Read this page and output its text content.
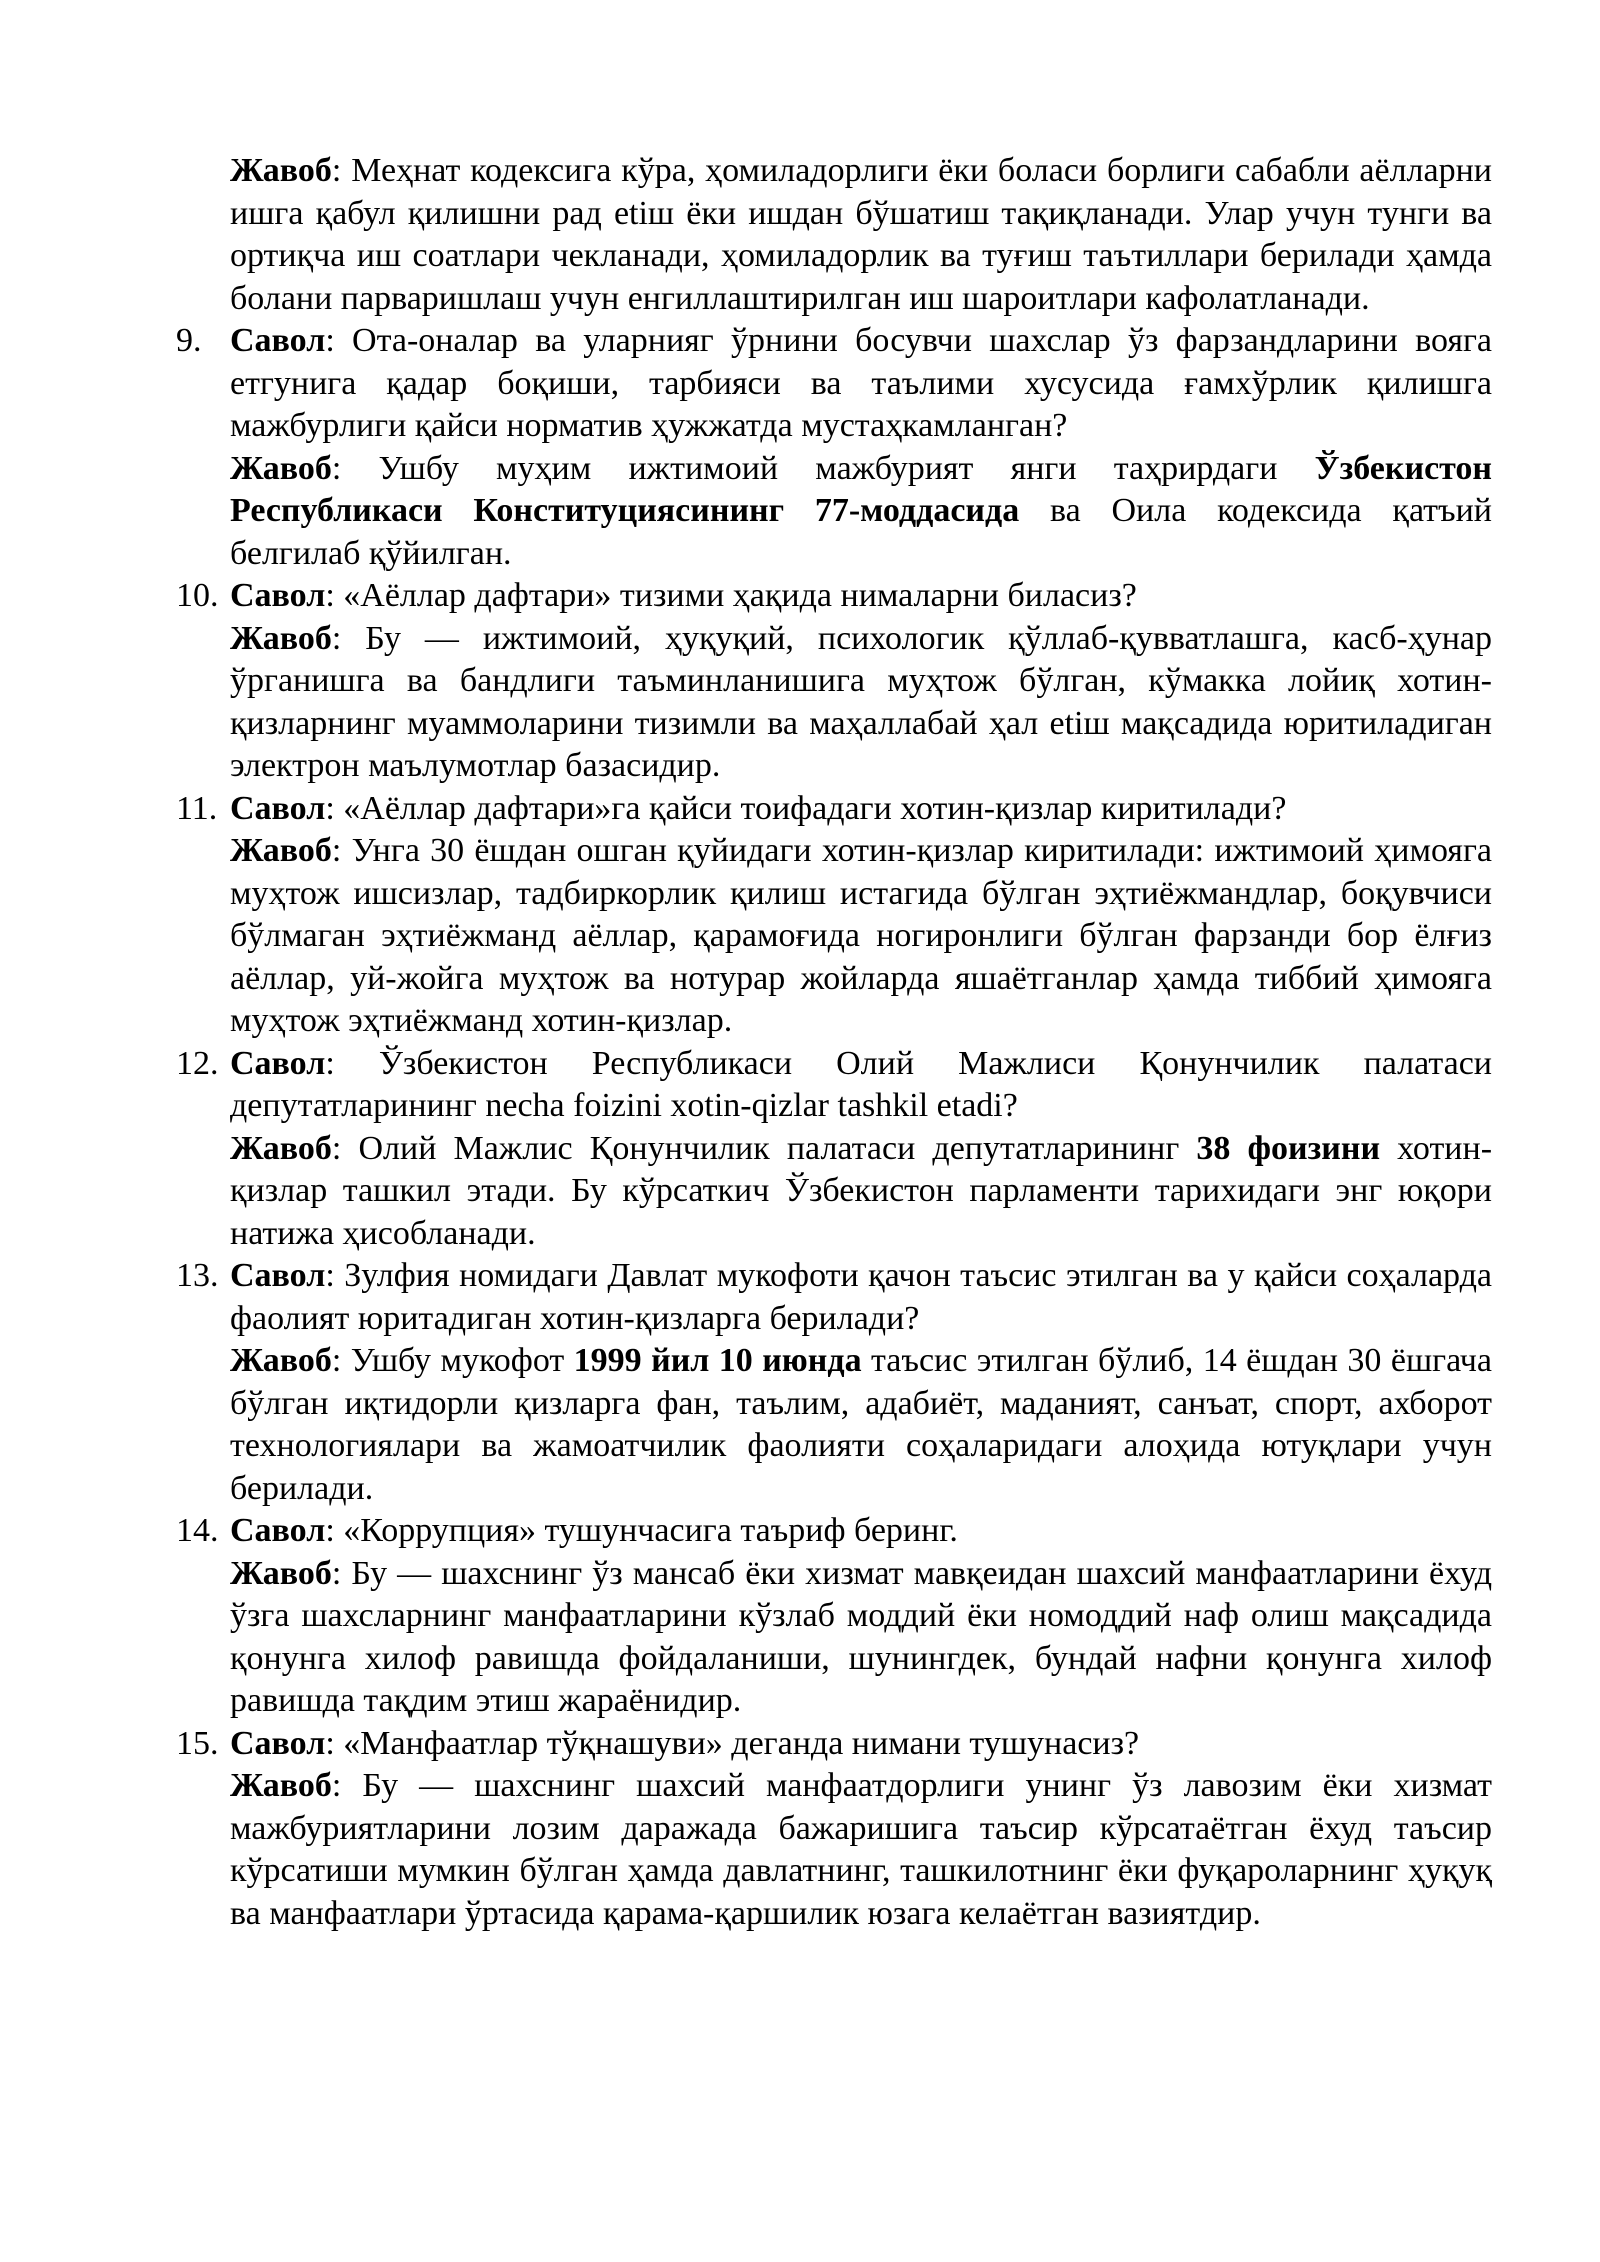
Жавоб: Меҳнат кодексига кўра, ҳомиладорлиги ёки боласи борлиги сабабли аёлларни ишга қабул қилишни рад etiш ёки ишдан бўшатиш тақиқланади. Улар учун тунги ва ортиқча иш соатлари чекланади, ҳомиладорлик ва туғиш таътиллари берилади ҳамда болани парваришлаш учун енгиллаштирилган иш шароитлари кафолатланади.
9. Савол: Ота-оналар ва уларнияг ўрнини босувчи шахслар ўз фарзандларини вояга етгунига қадар боқиши, тарбияси ва таълими хусусида ғамхўрлик қилишга мажбурлиги қайси норматив ҳужжатда мустаҳкамланган?
Жавоб: Ушбу муҳим ижтимоий мажбурият янги таҳрирдаги Ўзбекистон Республикаси Конституциясининг 77-моддасида ва Оила кодексида қатъий белгилаб қўйилган.
10. Савол: «Аёллар дафтари» тизими ҳақида нималарни биласиз?
Жавоб: Бу — ижтимоий, ҳуқуқий, психологик қўллаб-қувватлашга, касб-ҳунар ўрганишга ва бандлиги таъминланишига муҳтож бўлган, кўмакка лойиқ хотин-қизларнинг муаммоларини тизимли ва маҳаллабай ҳал etiш мақсадида юритиладиган электрон маълумотлар базасидир.
11. Савол: «Аёллар дафтари»га қайси тоифадаги хотин-қизлар киритилади?
Жавоб: Унга 30 ёшдан ошган қуйидаги хотин-қизлар киритилади: ижтимоий ҳимояга муҳтож ишсизлар, тадбиркорлик қилиш истагида бўлган эҳтиёжмандлар, боқувчиси бўлмаган эҳтиёжманд аёллар, қарамоғида ногиронлиги бўлган фарзанди бор ёлғиз аёллар, уй-жойга муҳтож ва нотурар жойларда яшаётганлар ҳамда тиббий ҳимояга муҳтож эҳтиёжманд хотин-қизлар.
12. Савол: Ўзбекистон Республикаси Олий Мажлиси Қонунчилик палатаси депутатларининг necha foizini xotin-qizlar tashkil etadi?
Жавоб: Олий Мажлис Қонунчилик палатаси депутатларининг 38 фоизини хотин-қизлар ташкил этади. Бу кўрсаткич Ўзбекистон парламенти тарихидаги энг юқори натижа ҳисобланади.
13. Савол: Зулфия номидаги Давлат мукофоти қачон таъсис этилган ва у қайси соҳаларда фаолият юритадиган хотин-қизларга берилади?
Жавоб: Ушбу мукофот 1999 йил 10 июнда таъсис этилган бўлиб, 14 ёшдан 30 ёшгача бўлган иқтидорли қизларга фан, таълим, адабиёт, маданият, санъат, спорт, ахборот технологиялари ва жамоатчилик фаолияти соҳаларидаги алоҳида ютуқлари учун берилади.
14. Савол: «Коррупция» тушунчасига таъриф беринг.
Жавоб: Бу — шахснинг ўз мансаб ёки хизмат мавқеидан шахсий манфаатларини ёхуд ўзга шахсларнинг манфаатларини кўзлаб моддий ёки номоддий наф олиш мақсадида қонунга хилоф равишда фойдаланиши, шунингдек, бундай нафни қонунга хилоф равишда тақдим этиш жараёнидир.
15. Савол: «Манфаатлар тўқнашуви» деганда нимани тушунасиз?
Жавоб: Бу — шахснинг шахсий манфаатдорлиги унинг ўз лавозим ёки хизмат мажбуриятларини лозим даражада бажаришига таъсир кўрсатаётган ёхуд таъсир кўрсатиши мумкин бўлган ҳамда давлатнинг, ташкилотнинг ёки фуқароларнинг ҳуқуқ ва манфаатлари ўртасида қарама-қаршилик юзага келаётган вазиятдир.
